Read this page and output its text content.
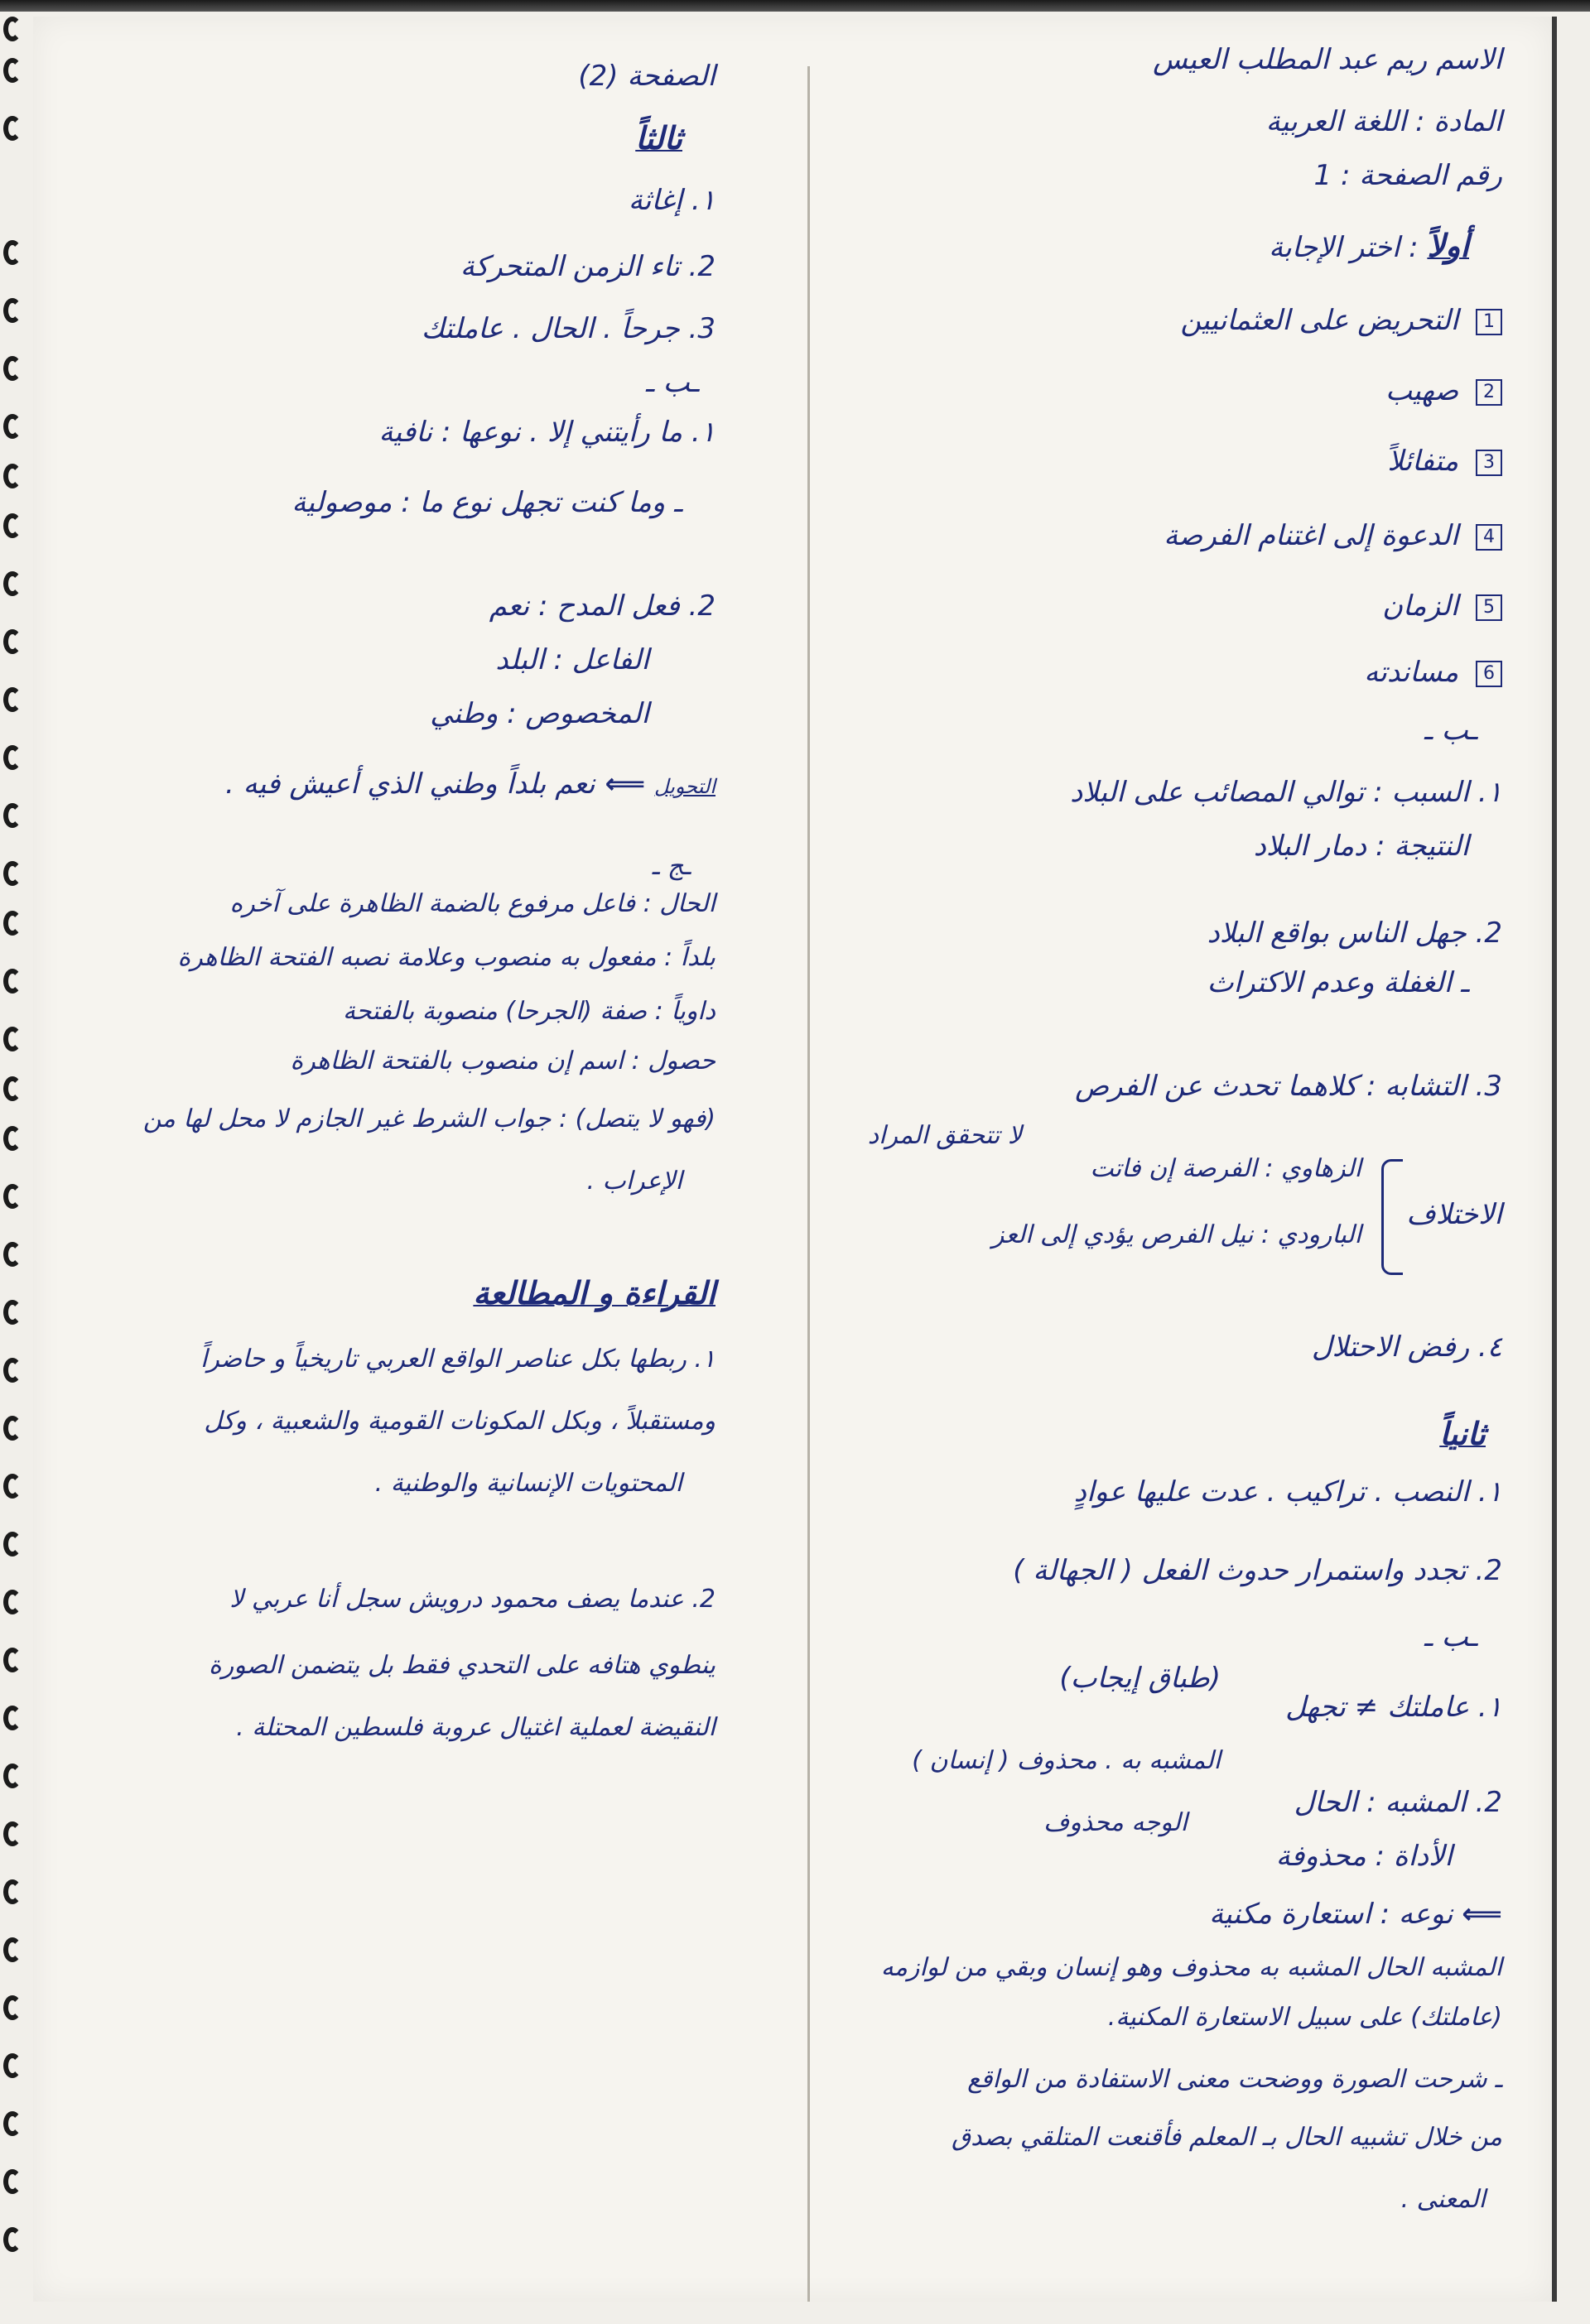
الاسم ريم عبد المطلب العيس
المادة : اللغة العربية
رقم الصفحة : 1
أولاً : اختر الإجابة
1 التحريض على العثمانيين
2 صهيب
3 متفائلاً
4 الدعوة إلى اغتنام الفرصة
5 الزمان
6 مساندته
ـب ـ
١. السبب : توالي المصائب على البلاد
النتيجة : دمار البلاد
2. جهل الناس بواقع البلاد
ـ الغفلة وعدم الاكتراث
3. التشابه : كلاهما تحدث عن الفرص
الاختلاف
الزهاوي : الفرصة إن فاتت
لا تتحقق المراد
البارودي : نيل الفرص يؤدي إلى العز
٤. رفض الاحتلال
ثانياً
١. النصب . تراكيب . عدت عليها عوادٍ
2. تجدد واستمرار حدوث الفعل ( الجهالة )
ـب ـ
١. عاملتك ≠ تجهل
(طباق إيجاب)
2. المشبه : الحال
المشبه به . محذوف ( إنسان )
الأداة : محذوفة
الوجه محذوف
⟸ نوعه : استعارة مكنية
المشبه الحال المشبه به محذوف وهو إنسان وبقي من لوازمه
(عاملتك) على سبيل الاستعارة المكنية.
ـ شرحت الصورة ووضحت معنى الاستفادة من الواقع
من خلال تشبيه الحال بـ المعلم فأقنعت المتلقي بصدق
المعنى .
الصفحة (2)
ثالثاً
١. إغاثة
2. تاء الزمن المتحركة
3. جرحاً . الحال . عاملتك
ـب ـ
١. ما رأيتني إلا . نوعها : نافية
ـ وما كنت تجهل نوع ما : موصولية
2. فعل المدح : نعم
الفاعل : البلد
المخصوص : وطني
التحويل ⟸ نعم بلداً وطني الذي أعيش فيه .
ـج ـ
الحال : فاعل مرفوع بالضمة الظاهرة على آخره
بلداً : مفعول به منصوب وعلامة نصبه الفتحة الظاهرة
داوياً : صفة (الجرحا) منصوبة بالفتحة
حصول : اسم إن منصوب بالفتحة الظاهرة
(فهو لا يتصل) : جواب الشرط غير الجازم لا محل لها من
الإعراب .
القراءة و المطالعة
١. ربطها بكل عناصر الواقع العربي تاريخياً و حاضراً
ومستقبلاً ، وبكل المكونات القومية والشعبية ، وكل
المحتويات الإنسانية والوطنية .
2. عندما يصف محمود درويش سجل أنا عربي لا
ينطوي هتافه على التحدي فقط بل يتضمن الصورة
النقيضة لعملية اغتيال عروبة فلسطين المحتلة .
